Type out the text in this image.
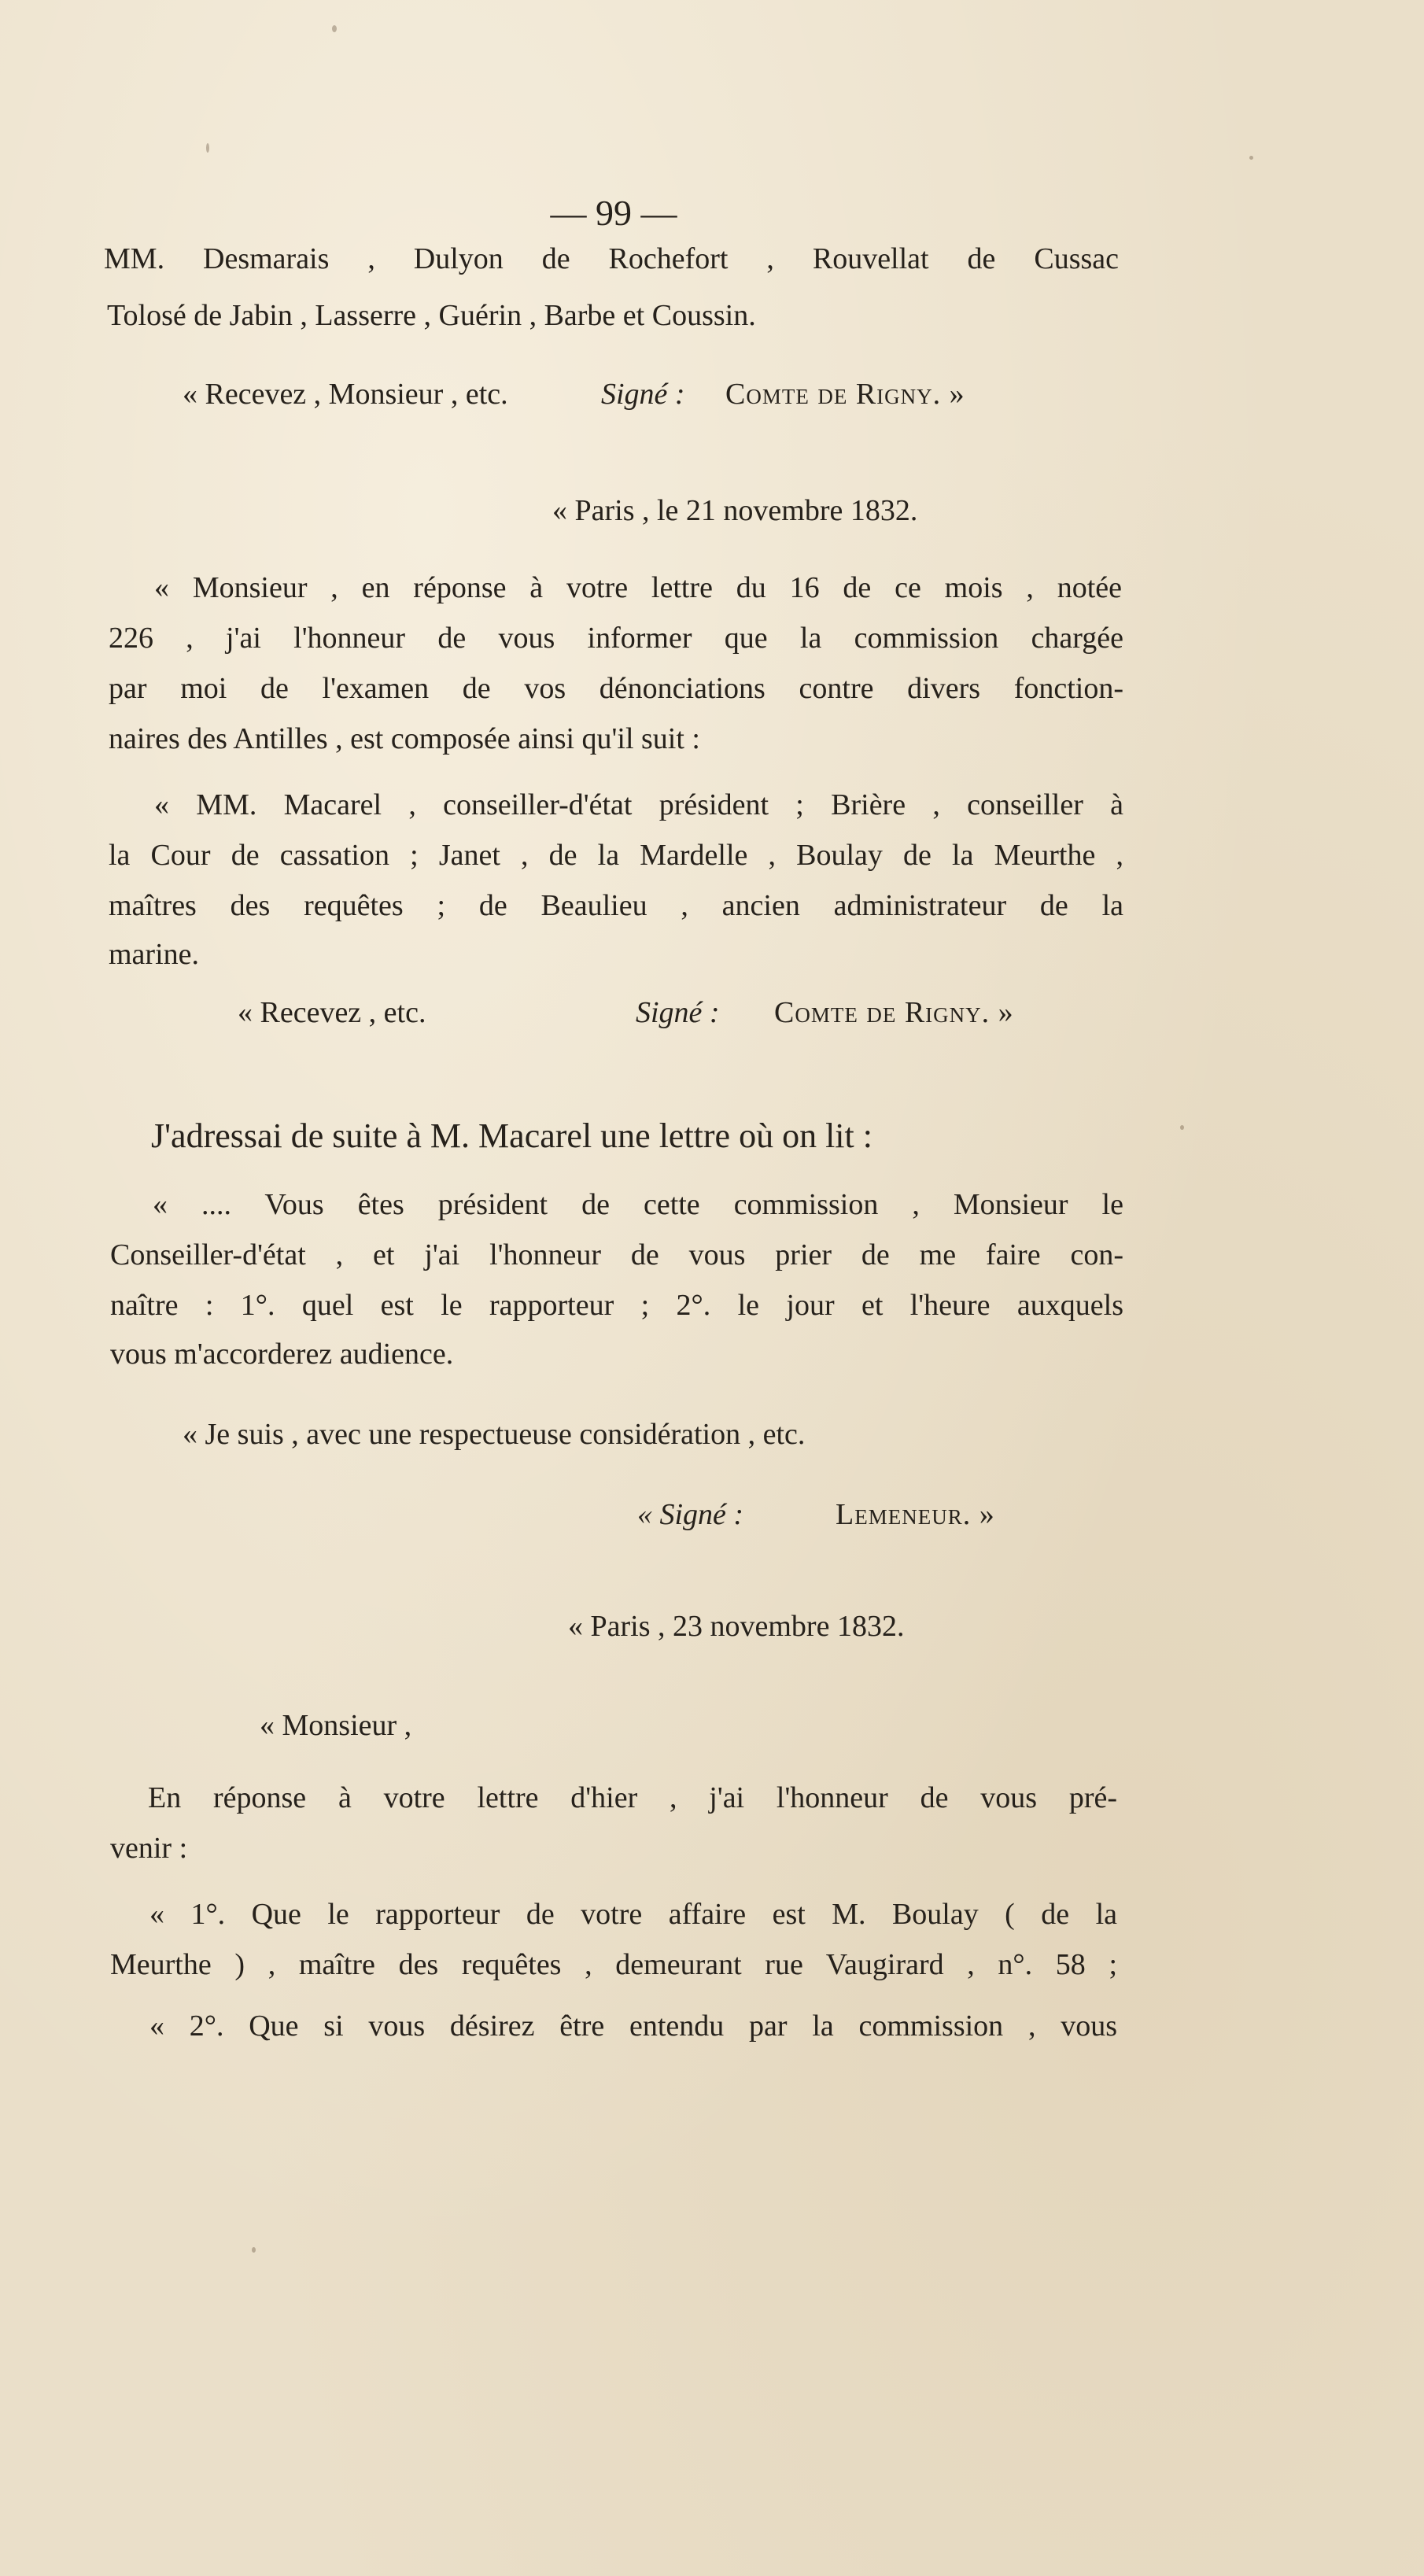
— 99 —

MM. Desmarais , Dulyon de Rochefort , Rouvellat de Cussac

Tolosé de Jabin , Lasserre , Guérin , Barbe et Coussin.

« Recevez , Monsieur , etc.	Signé : Comte de Rigny. »

« Paris , le 21 novembre 1832.

« Monsieur , en réponse à votre lettre du 16 de ce mois , notée

226 , j'ai l'honneur de vous informer que la commission chargée

par moi de l'examen de vos dénonciations contre divers fonction-

naires des Antilles , est composée ainsi qu'il suit :

« MM. Macarel , conseiller-d'état président ; Brière , conseiller à

la Cour de cassation ; Janet , de la Mardelle , Boulay de la Meurthe ,

maîtres des requêtes ; de Beaulieu , ancien administrateur de la

marine.

« Recevez , etc.	Signé : Comte de Rigny. »

J'adressai de suite à M. Macarel une lettre où on lit :

« .... Vous êtes président de cette commission , Monsieur le

Conseiller-d'état , et j'ai l'honneur de vous prier de me faire con-

naître : 1°. quel est le rapporteur ; 2°. le jour et l'heure auxquels

vous m'accorderez audience.

« Je suis , avec une respectueuse considération , etc.

« Signé :	Lemeneur. »

« Paris , 23 novembre 1832.

« Monsieur ,

En réponse à votre lettre d'hier , j'ai l'honneur de vous pré-

venir :

« 1°. Que le rapporteur de votre affaire est M. Boulay ( de la

Meurthe ) , maître des requêtes , demeurant rue Vaugirard , n°. 58 ;

« 2°. Que si vous désirez être entendu par la commission , vous
